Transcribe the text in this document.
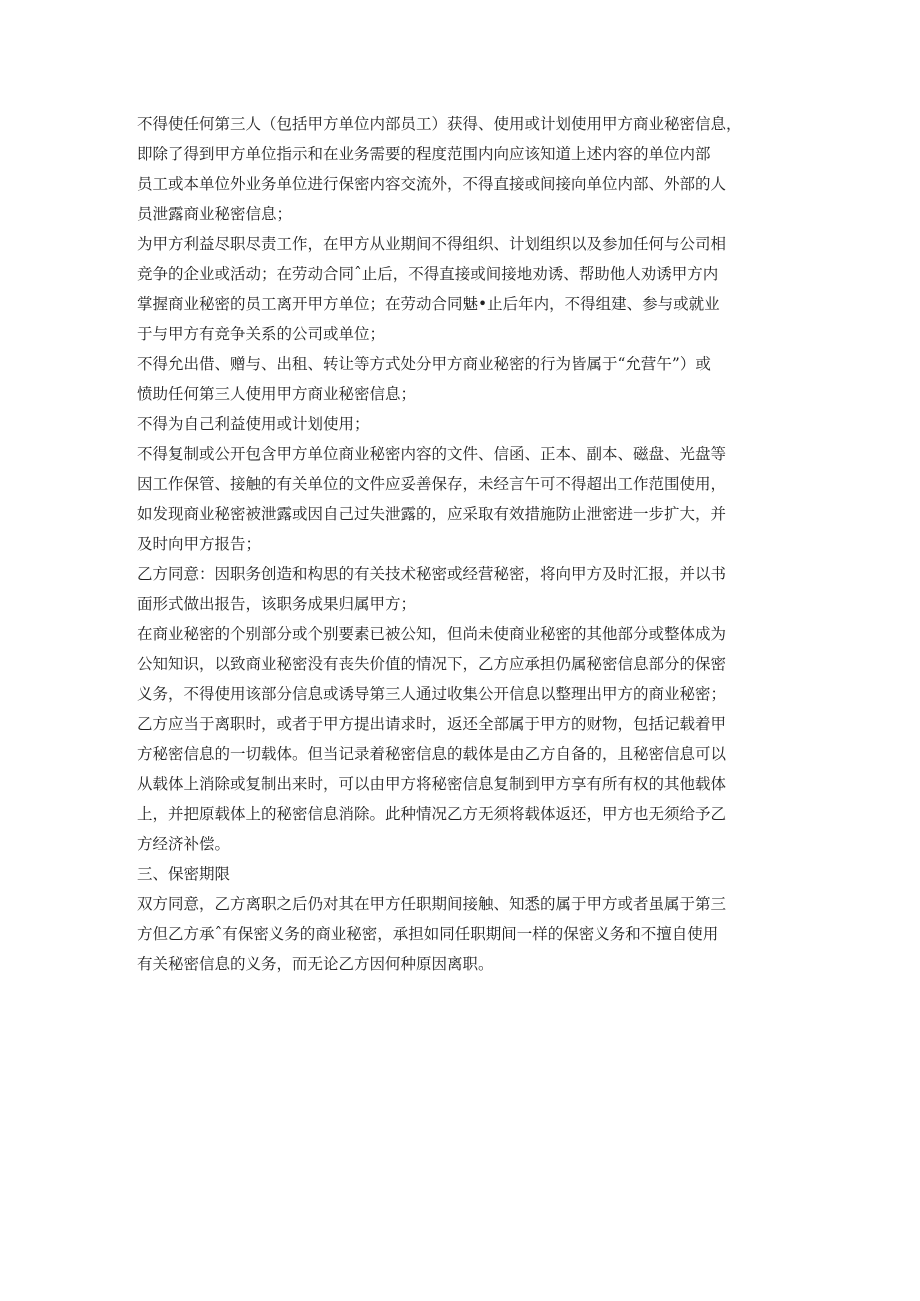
不得使任何第三人（包括甲方单位内部员工）获得、使用或计划使用甲方商业秘密信息，
即除了得到甲方单位指示和在业务需要的程度范围内向应该知道上述内容的单位内部
员工或本单位外业务单位进行保密内容交流外，不得直接或间接向单位内部、外部的人
员泄露商业秘密信息；
为甲方利益尽职尽责工作，在甲方从业期间不得组织、计划组织以及参加任何与公司相
竞争的企业或活动；在劳动合同ˆ止后，不得直接或间接地劝诱、帮助他人劝诱甲方内
掌握商业秘密的员工离开甲方单位；在劳动合同魅•止后年内，不得组建、参与或就业
于与甲方有竞争关系的公司或单位；
不得允出借、赠与、出租、转让等方式处分甲方商业秘密的行为皆属于“允营午”）或
愤助任何第三人使用甲方商业秘密信息；
不得为自己利益使用或计划使用；
不得复制或公开包含甲方单位商业秘密内容的文件、信函、正本、副本、磁盘、光盘等
因工作保管、接触的有关单位的文件应妥善保存，未经言午可不得超出工作范围使用，
如发现商业秘密被泄露或因自己过失泄露的，应采取有效措施防止泄密进一步扩大，并
及时向甲方报告；
乙方同意：因职务创造和构思的有关技术秘密或经营秘密，将向甲方及时汇报，并以书
面形式做出报告，该职务成果归属甲方；
在商业秘密的个别部分或个别要素已被公知，但尚未使商业秘密的其他部分或整体成为
公知知识，以致商业秘密没有丧失价值的情况下，乙方应承担仍属秘密信息部分的保密
义务，不得使用该部分信息或诱导第三人通过收集公开信息以整理出甲方的商业秘密；
乙方应当于离职时，或者于甲方提出请求时，返还全部属于甲方的财物，包括记载着甲
方秘密信息的一切载体。但当记录着秘密信息的载体是由乙方自备的，且秘密信息可以
从载体上消除或复制出来时，可以由甲方将秘密信息复制到甲方享有所有权的其他载体
上，并把原载体上的秘密信息消除。此种情况乙方无须将载体返还，甲方也无须给予乙
方经济补偿。
三、保密期限
双方同意，乙方离职之后仍对其在甲方任职期间接触、知悉的属于甲方或者虽属于第三
方但乙方承ˆ有保密义务的商业秘密，承担如同任职期间一样的保密义务和不擅自使用
有关秘密信息的义务，而无论乙方因何种原因离职。
